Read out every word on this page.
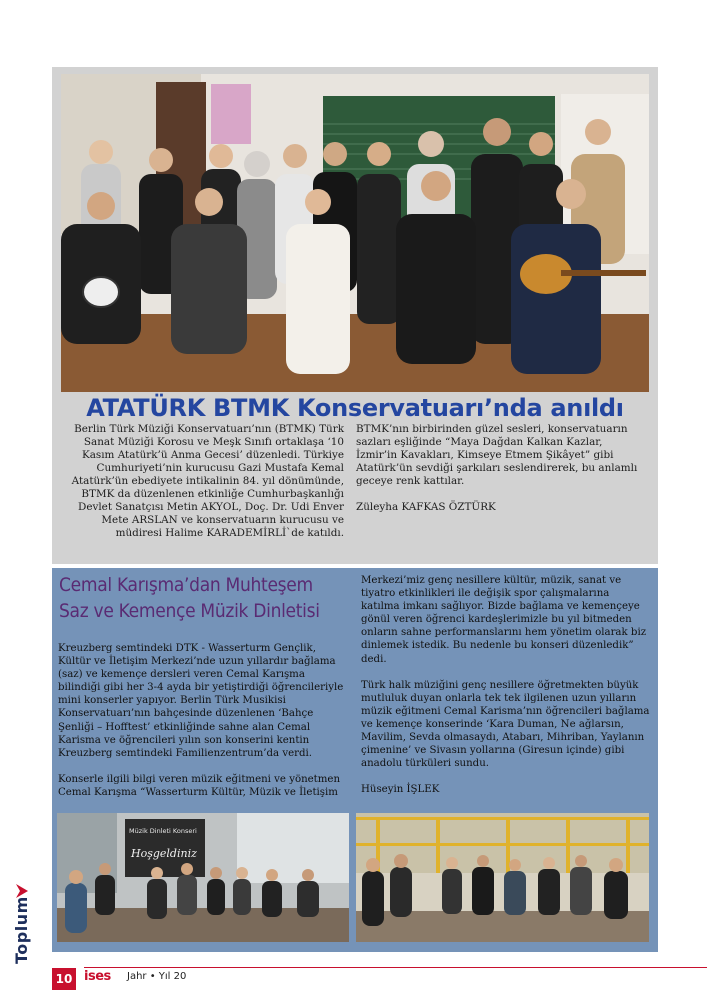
Toplum
ATATÜRK BTMK Konservatuarı’nda anıldı

Berlin Türk Müziği Konservatuarı’nın (BTMK) Türk Sanat Müziği Korosu ve Meşk Sınıfı ortaklaşa ‘10 Kasım Atatürk’ü Anma Gecesi’ düzenledi. Türkiye Cumhuriyeti’nin kurucusu Gazi Mustafa Kemal Atatürk’ün ebediyete intikalinin 84. yıl dönümünde, BTMK da düzenlenen etkinliğe Cumhurbaşkanlığı Devlet Sanatçısı Metin AKYOL, Doç. Dr. Udi Enver Mete ARSLAN ve konservatuarın kurucusu ve müdiresi Halime KARADEMİRLİ`de katıldı.

BTMK’nın birbirinden güzel sesleri, konservatuarın sazları eşliğinde “Maya Dağdan Kalkan Kazlar, İzmir’in Kavakları, Kimseye Etmem Şikâyet” gibi Atatürk’ün sevdiği şarkıları seslendirerek, bu anlamlı geceye renk kattılar.

Züleyha KAFKAS ÖZTÜRK

Cemal Karışma’dan Muhteşem
Saz ve Kemençe Müzik Dinletisi

Kreuzberg semtindeki DTK - Wasserturm Gençlik, Kültür ve İletişim Merkezi’nde uzun yıllardır bağlama (saz) ve kemençe dersleri veren Cemal Karışma bilindiği gibi her 3-4 ayda bir yetiştirdiği öğrencileriyle mini konserler yapıyor. Berlin Türk Musikisi Konservatuarı’nın bahçesinde düzenlenen ‘Bahçe Şenliği – Hofftest’ etkinliğinde sahne alan Cemal Karisma ve öğrencileri yılın son konserini kentin Kreuzberg semtindeki Familienzentrum’da verdi.

Konserle ilgili bilgi veren müzik eğitmeni ve yönetmen Cemal Karışma “Wasserturm Kültür, Müzik ve İletişim

Merkezi’miz genç nesillere kültür, müzik, sanat ve tiyatro etkinlikleri ile değişik spor çalışmalarına katılma imkanı sağlıyor. Bizde bağlama ve kemençeye gönül veren öğrenci kardeşlerimizle bu yıl bitmeden onların sahne performanslarını hem yönetim olarak biz dinlemek istedik. Bu nedenle bu konseri düzenledik” dedi.

Türk halk müziğini genç nesillere öğretmekten büyük mutluluk duyan onlarla tek tek ilgilenen uzun yılların müzik eğitmeni Cemal Karisma’nın öğrencileri bağlama ve kemençe konserinde ‘Kara Duman, Ne ağlarsın, Mavilim, Sevda olmasaydı, Atabarı, Mihriban, Yaylanın çimenine’ ve Sivasın yollarına (Giresun içinde) gibi anadolu türküleri sundu.

Hüseyin İŞLEK

Müzik Dinleti Konseri
Hoşgeldiniz
10 ises Jahr • Yıl 20
